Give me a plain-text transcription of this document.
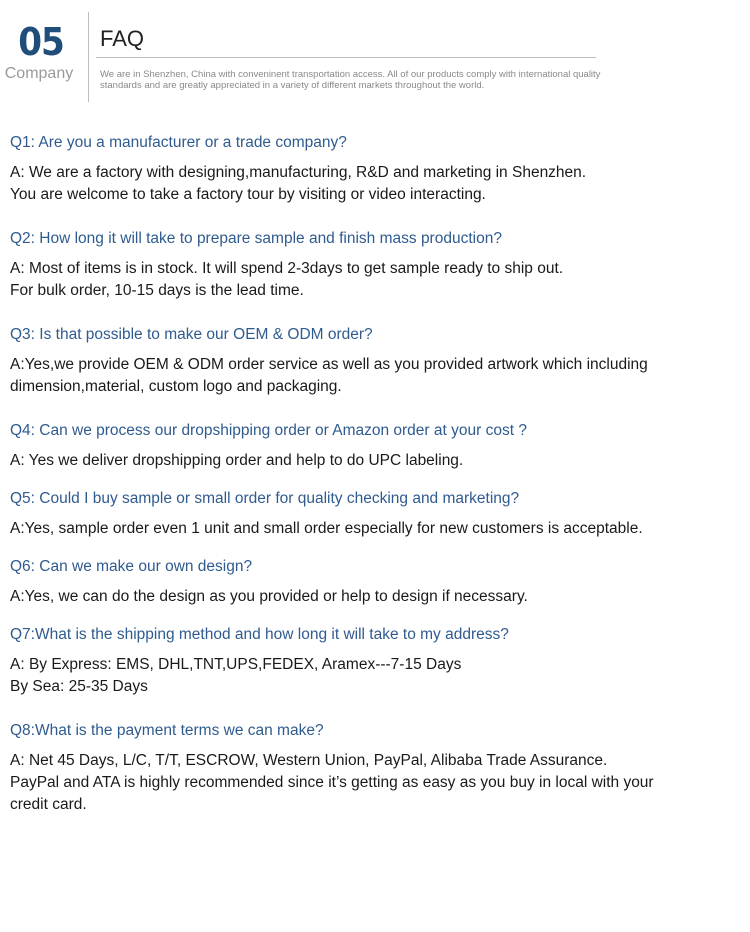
05
Company
FAQ
We are in Shenzhen, China with conveninent transportation access. All of our products comply with international quality standards and are greatly appreciated in a variety of different markets throughout the world.
Q1: Are you a manufacturer or a trade company?
A: We are a factory with designing,manufacturing, R&D and marketing in Shenzhen.
You are welcome to take a factory tour by visiting or video interacting.
Q2: How long it will take to prepare sample and finish mass production?
A: Most of items is in stock. It will spend 2-3days to get sample ready to ship out.
For bulk order, 10-15 days is the lead time.
Q3: Is that possible to make our OEM & ODM order?
A:Yes,we provide OEM & ODM order service as well as you provided artwork which including
dimension,material, custom logo and packaging.
Q4: Can we process our dropshipping order or Amazon order at your cost ?
A: Yes we deliver dropshipping order and help to do UPC labeling.
Q5: Could I buy sample or small order for quality checking and marketing?
A:Yes, sample order even 1 unit and small order especially for new customers is acceptable.
Q6: Can we make our own design?
A:Yes, we can do the design as you provided or help to design if necessary.
Q7:What is the shipping method and how long it will take to my address?
A: By Express: EMS, DHL,TNT,UPS,FEDEX, Aramex---7-15 Days
By Sea: 25-35 Days
Q8:What is the payment terms we can make?
A: Net 45 Days, L/C, T/T, ESCROW, Western Union, PayPal, Alibaba Trade Assurance.
PayPal and ATA is highly recommended since it’s getting as easy as you buy in local with your
credit card.
